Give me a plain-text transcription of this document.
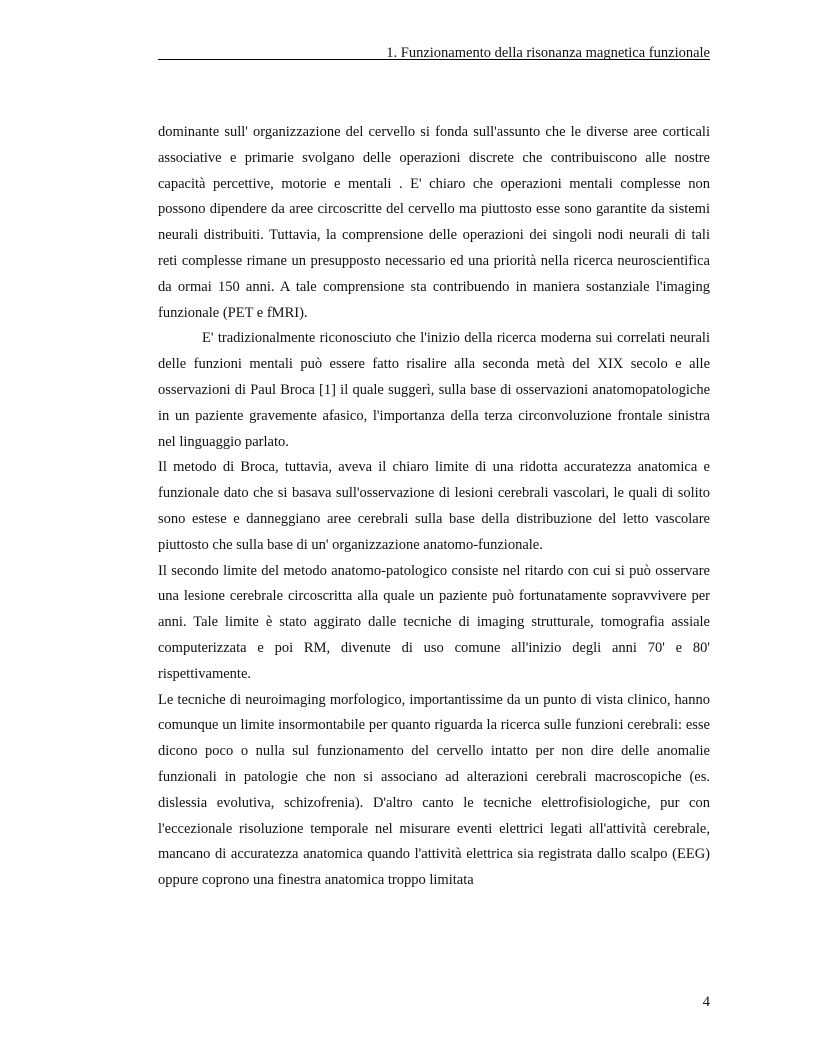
1. Funzionamento della risonanza magnetica funzionale

dominante sull' organizzazione del cervello si fonda sull'assunto che le diverse aree corticali associative e primarie svolgano delle operazioni discrete che contribuiscono alle nostre capacità percettive, motorie e mentali . E' chiaro che operazioni mentali complesse non possono dipendere da aree circoscritte del cervello ma piuttosto esse sono garantite da sistemi neurali distribuiti. Tuttavia, la comprensione delle operazioni dei singoli nodi neurali di tali reti complesse rimane un presupposto necessario ed una priorità nella ricerca neuroscientifica da ormai 150 anni. A tale comprensione sta contribuendo in maniera sostanziale l'imaging funzionale (PET e fMRI).

E' tradizionalmente riconosciuto che l'inizio della ricerca moderna sui correlati neurali delle funzioni mentali può essere fatto risalire alla seconda metà del XIX secolo e alle osservazioni di Paul Broca [1] il quale suggerì, sulla base di osservazioni anatomopatologiche in un paziente gravemente afasico, l'importanza della terza circonvoluzione frontale sinistra nel linguaggio parlato.

Il metodo di Broca, tuttavia, aveva il chiaro limite di una ridotta accuratezza anatomica e funzionale dato che si basava sull'osservazione di lesioni cerebrali vascolari, le quali di solito sono estese e danneggiano aree cerebrali sulla base della distribuzione del letto vascolare piuttosto che sulla base di un' organizzazione anatomo-funzionale.

Il secondo limite del metodo anatomo-patologico consiste nel ritardo con cui si può osservare una lesione cerebrale circoscritta alla quale un paziente può fortunatamente sopravvivere per anni. Tale limite è stato aggirato dalle tecniche di imaging strutturale, tomografia assiale computerizzata e poi RM, divenute di uso comune all'inizio degli anni 70' e 80' rispettivamente.

Le tecniche di neuroimaging morfologico, importantissime da un punto di vista clinico, hanno comunque un limite insormontabile per quanto riguarda la ricerca sulle funzioni cerebrali: esse dicono poco o nulla sul funzionamento del cervello intatto per non dire delle anomalie funzionali in patologie che non si associano ad alterazioni cerebrali macroscopiche (es. dislessia evolutiva, schizofrenia). D'altro canto le tecniche elettrofisiologiche, pur con l'eccezionale risoluzione temporale nel misurare eventi elettrici legati all'attività cerebrale, mancano di accuratezza anatomica quando l'attività elettrica sia registrata dallo scalpo (EEG) oppure coprono una finestra anatomica troppo limitata

4
